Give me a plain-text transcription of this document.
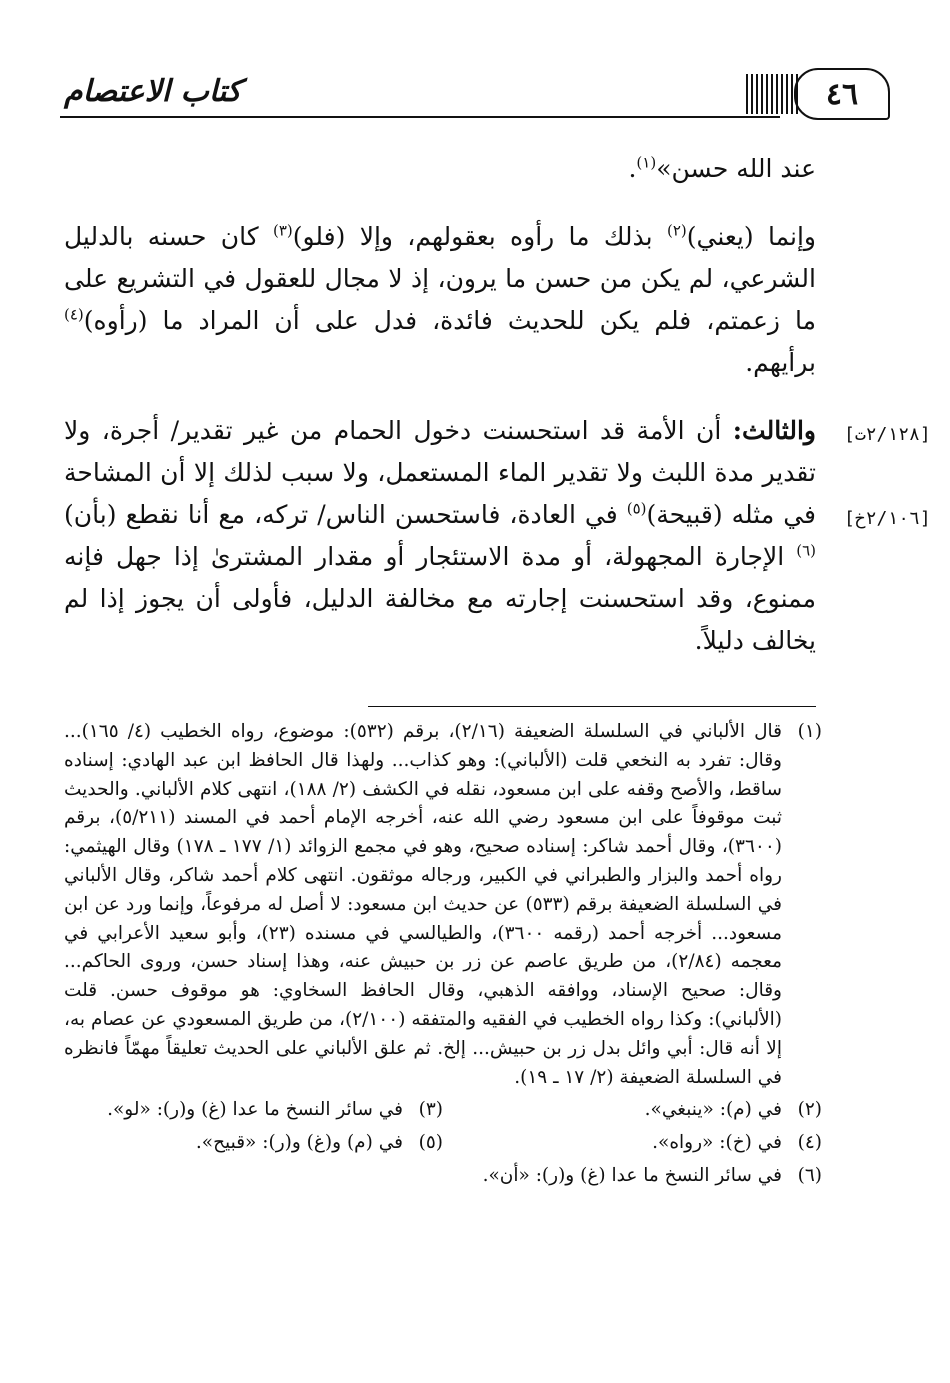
كتاب الاعتصام	٤٦
[٢/١٢٨ت]
[٢/١٠٦خ]

عند الله حسن»$^{(١)}$.

وإنما (يعني)$^{(٢)}$ بذلك ما رأوه بعقولهم، وإلا (فلو)$^{(٣)}$ كان حسنه بالدليل الشرعي، لم يكن من حسن ما يرون، إذ لا مجال للعقول في التشريع على ما زعمتم، فلم يكن للحديث فائدة، فدل على أن المراد ما (رأوه)$^{(٤)}$ برأيهم.

والثالث: أن الأمة قد استحسنت دخول الحمام من غير تقدير/ أجرة، ولا تقدير مدة اللبث ولا تقدير الماء المستعمل، ولا سبب لذلك إلا أن المشاحة في مثله (قبيحة)$^{(٥)}$ في العادة، فاستحسن الناس/ تركه، مع أنا نقطع (بأن)$^{(٦)}$ الإجارة المجهولة، أو مدة الاستئجار أو مقدار المشترىٰ إذا جهل فإنه ممنوع، وقد استحسنت إجارته مع مخالفة الدليل، فأولى أن يجوز إذا لم يخالف دليلاً.

(١)
قال الألباني في السلسلة الضعيفة (٢/١٦)، برقم (٥٣٢): موضوع، رواه الخطيب (٤/ ١٦٥)... وقال: تفرد به النخعي قلت (الألباني): وهو كذاب... ولهذا قال الحافظ ابن عبد الهادي: إسناده ساقط، والأصح وقفه على ابن مسعود، نقله في الكشف (٢/ ١٨٨)، انتهى كلام الألباني. والحديث ثبت موقوفاً على ابن مسعود رضي الله عنه، أخرجه الإمام أحمد في المسند (٥/٢١١)، برقم (٣٦٠٠)، وقال أحمد شاكر: إسناده صحيح، وهو في مجمع الزوائد (١/ ١٧٧ ـ ١٧٨) وقال الهيثمي: رواه أحمد والبزار والطبراني في الكبير، ورجاله موثقون. انتهى كلام أحمد شاكر، وقال الألباني في السلسلة الضعيفة برقم (٥٣٣) عن حديث ابن مسعود: لا أصل له مرفوعاً، وإنما ورد عن ابن مسعود... أخرجه أحمد (رقمه ٣٦٠٠)، والطيالسي في مسنده (٢٣)، وأبو سعيد الأعرابي في معجمه (٢/٨٤)، من طريق عاصم عن زر بن حبيش عنه، وهذا إسناد حسن، وروى الحاكم... وقال: صحيح الإسناد، ووافقه الذهبي، وقال الحافظ السخاوي: هو موقوف حسن. قلت (الألباني): وكذا رواه الخطيب في الفقيه والمتفقه (٢/١٠٠)، من طريق المسعودي عن عصام به، إلا أنه قال: أبي وائل بدل زر بن حبيش... إلخ. ثم علق الألباني على الحديث تعليقاً مهمّاً فانظره في السلسلة الضعيفة (٢/ ١٧ ـ ١٩).
(٢)
في (م): «ينبغي».
(٣)
في سائر النسخ ما عدا (غ) و(ر): «لو».
(٤)
في (خ): «رواه».
(٥)
في (م) و(غ) و(ر): «قبيح».
(٦)
في سائر النسخ ما عدا (غ) و(ر): «أن».
